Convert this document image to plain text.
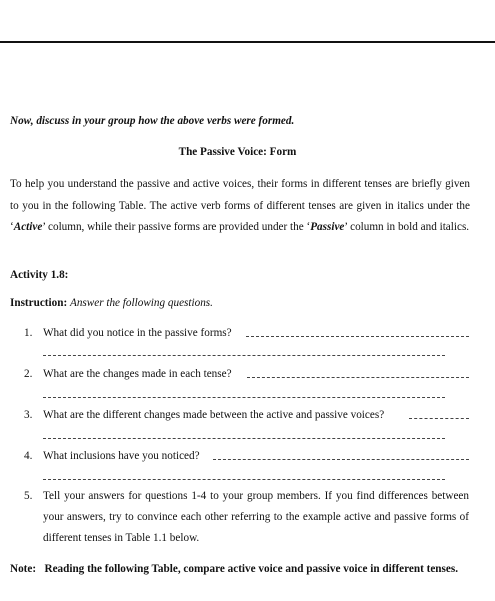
Now, discuss in your group how the above verbs were formed.
The Passive Voice: Form
To help you understand the passive and active voices, their forms in different tenses are briefly given to you in the following Table. The active verb forms of different tenses are given in italics under the ‘Active’ column, while their passive forms are provided under the ‘Passive’ column in bold and italics.
Activity 1.8:
Instruction: Answer the following questions.
1. What did you notice in the passive forms?
2. What are the changes made in each tense?
3. What are the different changes made between the active and passive voices?
4. What inclusions have you noticed?
5. Tell your answers for questions 1-4 to your group members. If you find differences between your answers, try to convince each other referring to the example active and passive forms of different tenses in Table 1.1 below.
Note: Reading the following Table, compare active voice and passive voice in different tenses.
